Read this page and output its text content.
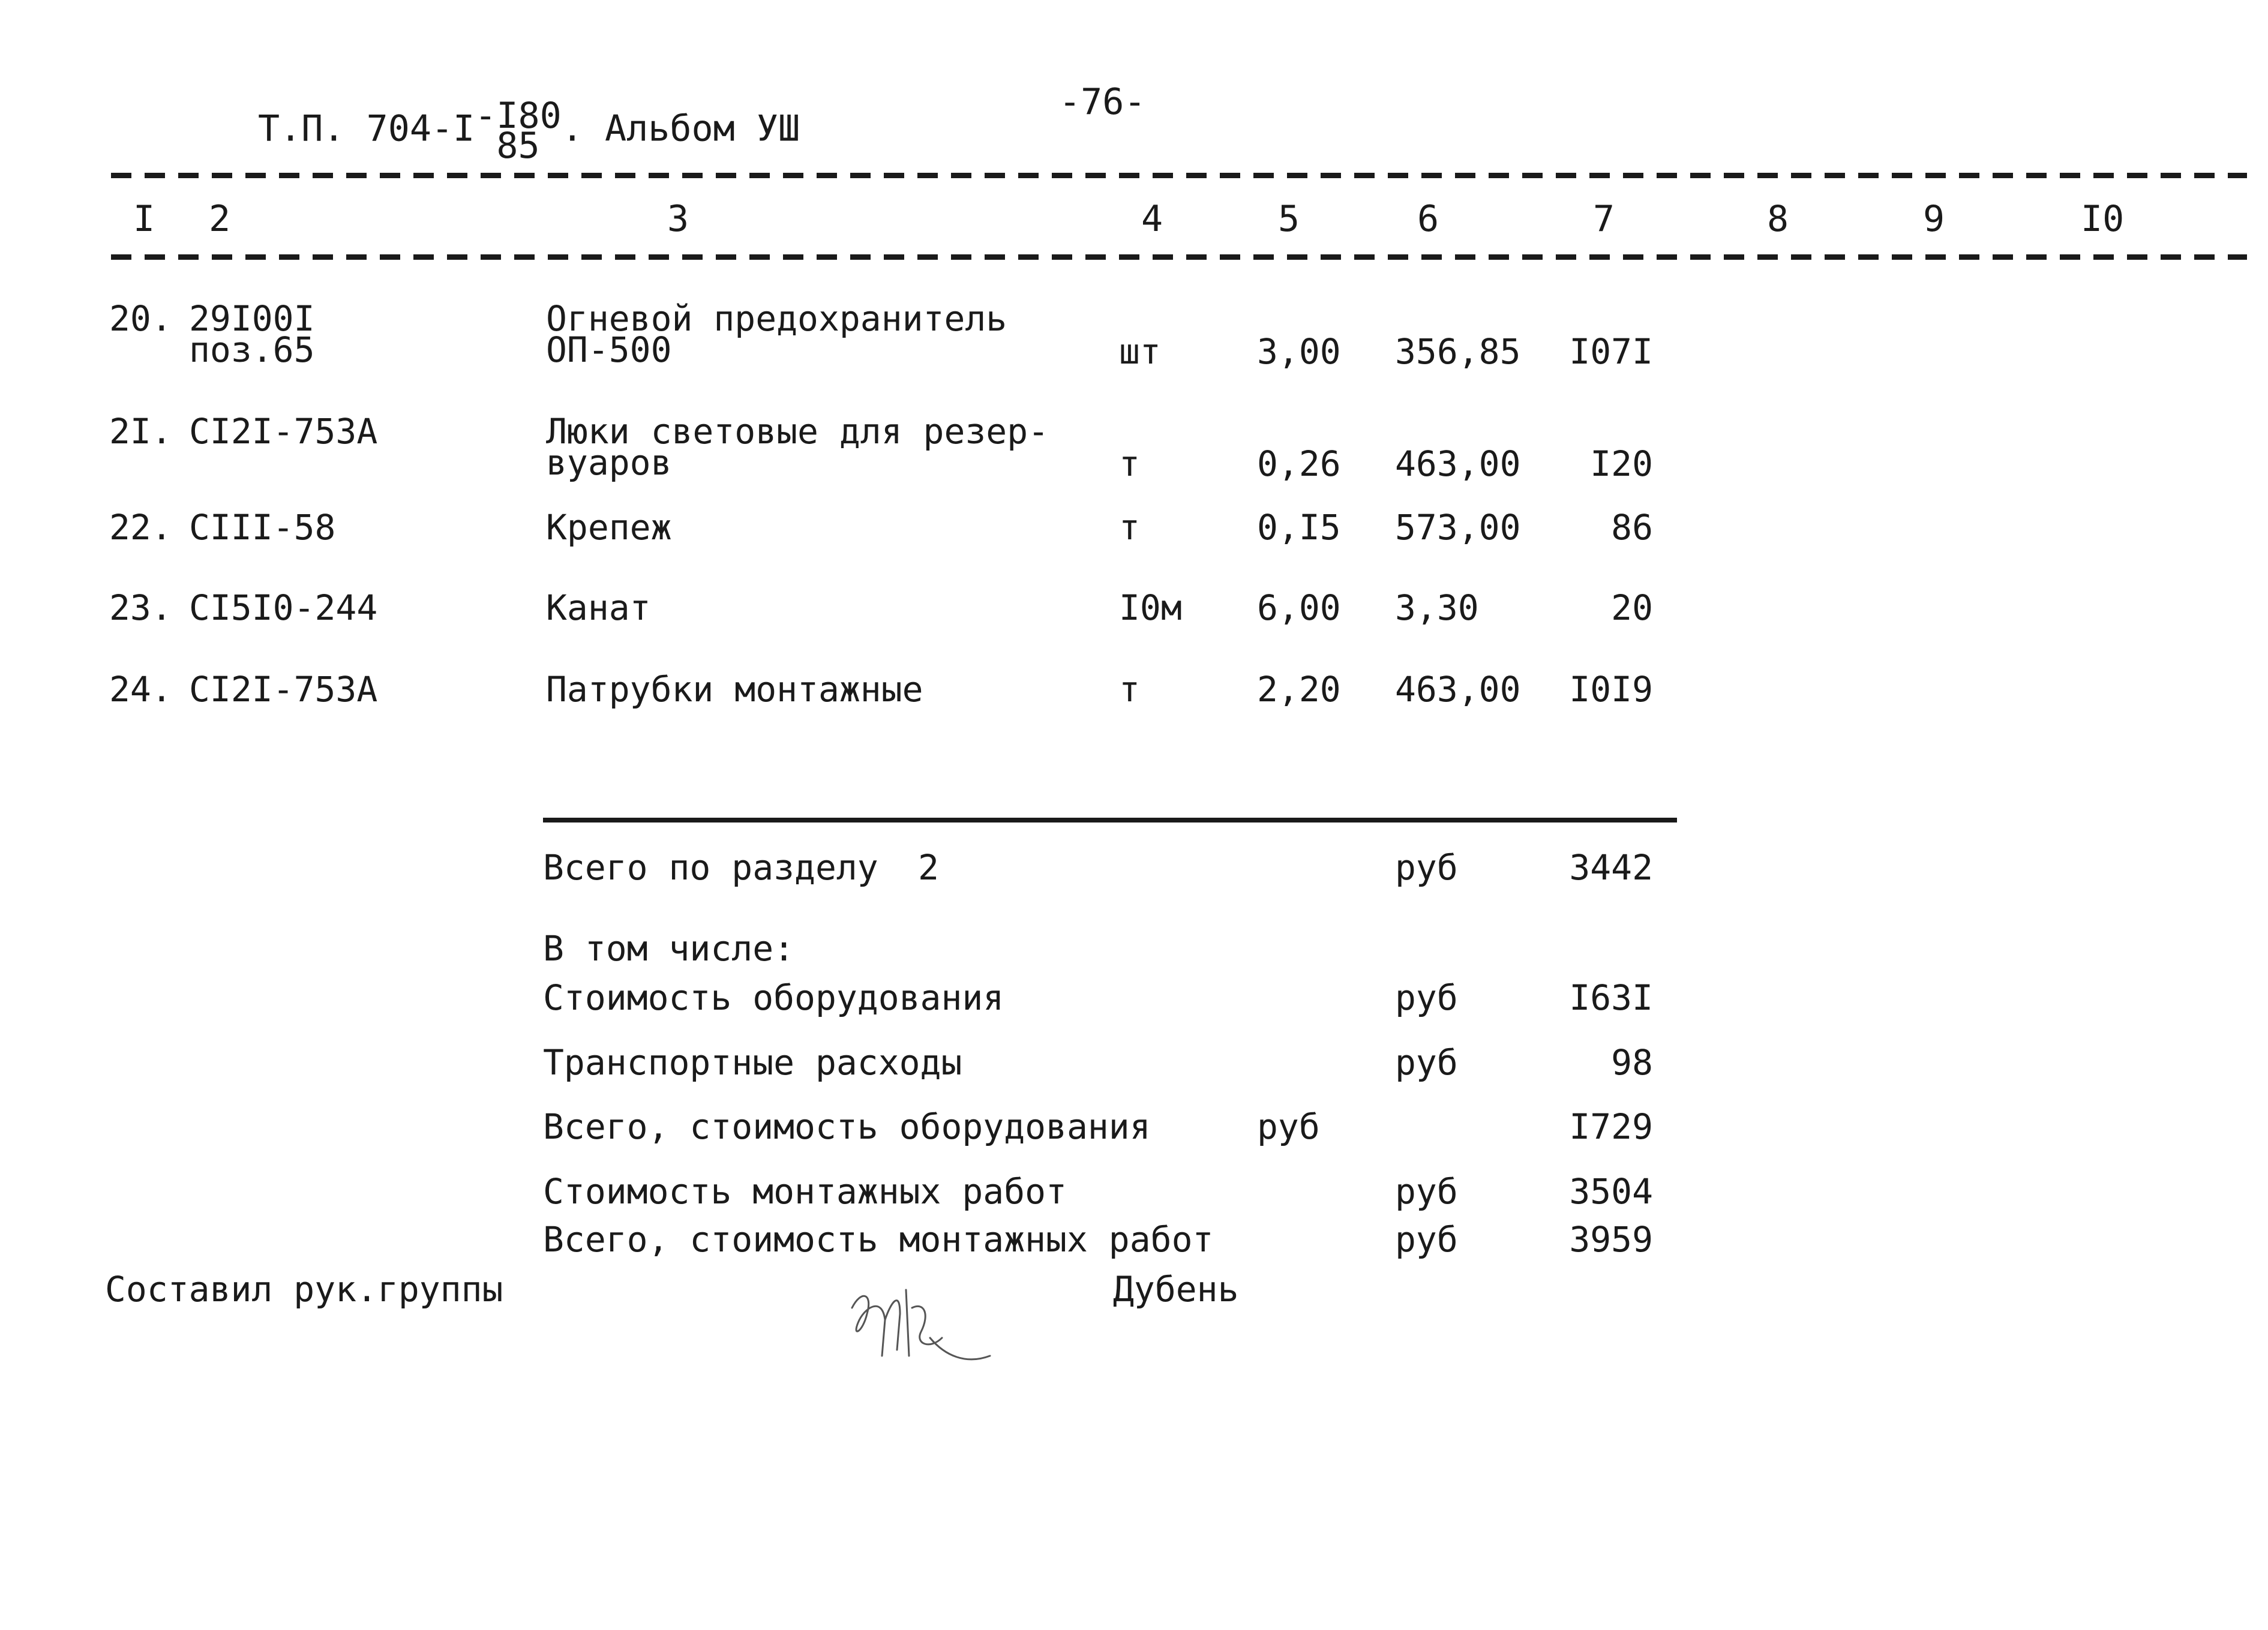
-76-
Т.П. 704-I -I80
85 . Альбом УШ
I 2	3	4	5	6	7	8	9	I0
20. 29I00I
поз.65
Огневой предохранитель
ОП-500	шт	3,00 356,85	I07I
2I. CI2I-753A	Люки световые для резер-
вуаров	т	0,26 463,00	I20
22. CIII-58	Крепеж	т	0,I5 573,00	86
23. CI5I0-244	Канат	I0м 6,00 3,30	20
24. CI2I-753A	Патрубки монтажные	т	2,20 463,00	I0I9
Всего по разделу 2	руб	3442
В том числе:
Стоимость оборудования	руб	I63I
Транспортные расходы	руб	98
Всего, стоимость оборудования	руб	I729
Стоимость монтажных работ	руб	3504
Всего, стоимость монтажных работ	руб	3959
Составил рук.группы	Дубень
